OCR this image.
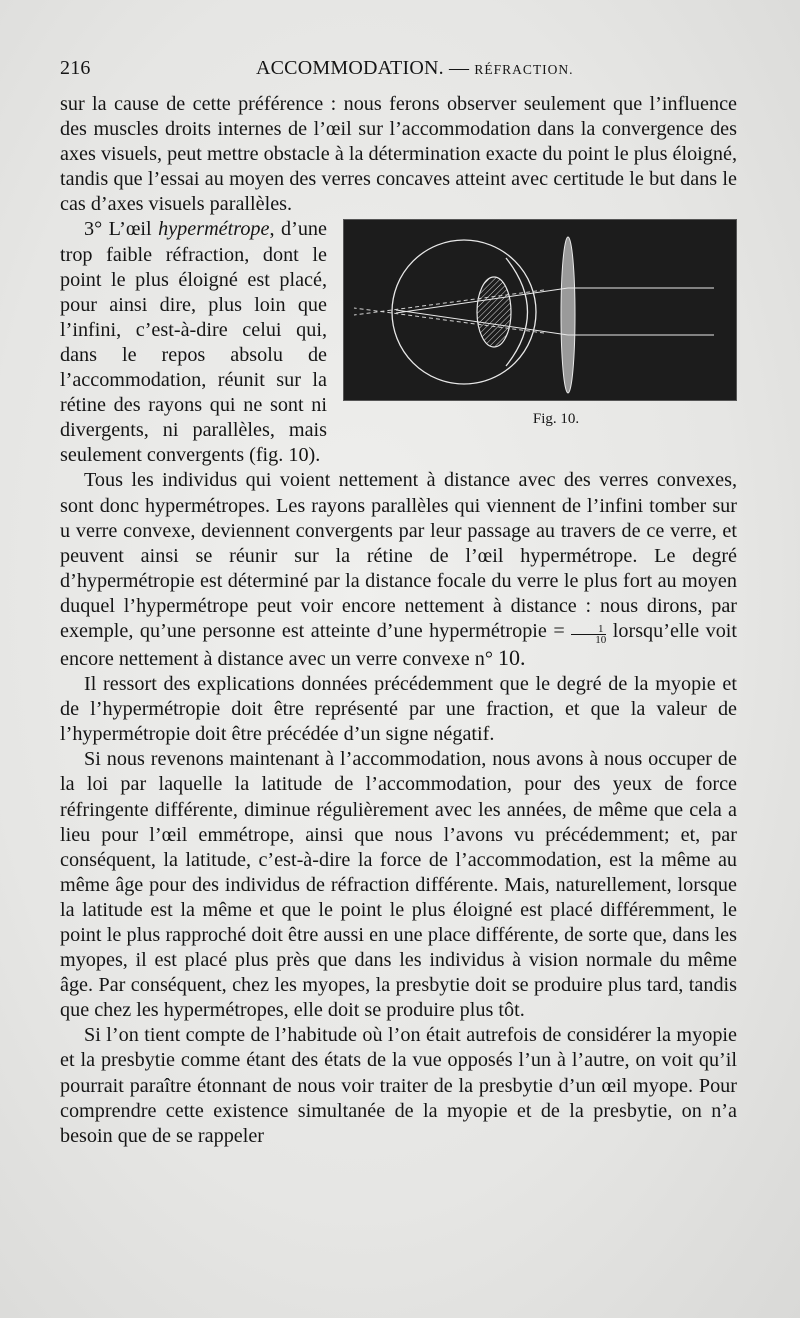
216	ACCOMMODATION. — RÉFRACTION.

sur la cause de cette préférence : nous ferons observer seulement que l’influence des muscles droits internes de l’œil sur l’accommodation dans la convergence des axes visuels, peut mettre obstacle à la détermination exacte du point le plus éloigné, tandis que l’essai au moyen des verres concaves atteint avec certitude le but dans le cas d’axes visuels parallèles.

Fig. 10.
3° L’œil hypermétrope, d’une trop faible réfraction, dont le point le plus éloigné est placé, pour ainsi dire, plus loin que l’infini, c’est-à-dire celui qui, dans le repos absolu de l’accommodation, réunit sur la rétine des rayons qui ne sont ni divergents, ni parallèles, mais seulement convergents (fig. 10).

Tous les individus qui voient nettement à distance avec des verres convexes, sont donc hypermétropes. Les rayons parallèles qui viennent de l’infini tomber sur u verre convexe, deviennent convergents par leur passage au travers de ce verre, et peuvent ainsi se réunir sur la rétine de l’œil hypermétrope. Le degré d’hypermétropie est déterminé par la distance focale du verre le plus fort au moyen duquel l’hypermétrope peut voir encore nettement à distance : nous dirons, par exemple, qu’une personne est atteinte d’une hypermétropie = $\frac{1}{10}$ lorsqu’elle voit encore nettement à distance avec un verre convexe n° 10.

Il ressort des explications données précédemment que le degré de la myopie et de l’hypermétropie doit être représenté par une fraction, et que la valeur de l’hypermétropie doit être précédée d’un signe négatif.

Si nous revenons maintenant à l’accommodation, nous avons à nous occuper de la loi par laquelle la latitude de l’accommodation, pour des yeux de force réfringente différente, diminue régulièrement avec les années, de même que cela a lieu pour l’œil emmétrope, ainsi que nous l’avons vu précédemment; et, par conséquent, la latitude, c’est-à-dire la force de l’accommodation, est la même au même âge pour des individus de réfraction différente. Mais, naturellement, lorsque la latitude est la même et que le point le plus éloigné est placé différemment, le point le plus rapproché doit être aussi en une place différente, de sorte que, dans les myopes, il est placé plus près que dans les individus à vision normale du même âge. Par conséquent, chez les myopes, la presbytie doit se produire plus tard, tandis que chez les hypermétropes, elle doit se produire plus tôt.

Si l’on tient compte de l’habitude où l’on était autrefois de considérer la myopie et la presbytie comme étant des états de la vue opposés l’un à l’autre, on voit qu’il pourrait paraître étonnant de nous voir traiter de la presbytie d’un œil myope. Pour comprendre cette existence simultanée de la myopie et de la presbytie, on n’a besoin que de se rappeler
